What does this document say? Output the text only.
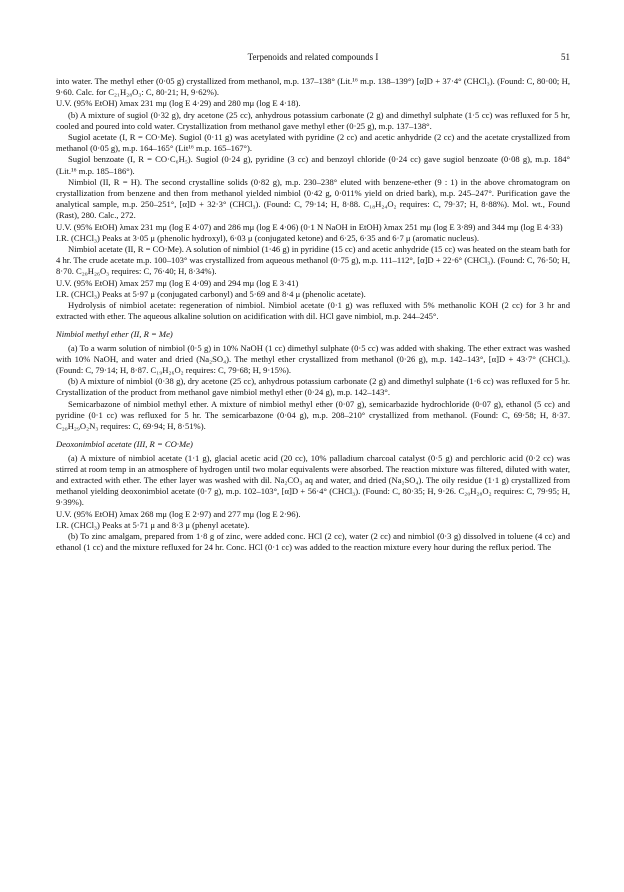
Terpenoids and related compounds I	51

into water. The methyl ether (0·05 g) crystallized from methanol, m.p. 137–138° (Lit.¹⁶ m.p. 138–139°) [α]D + 37·4° (CHCl₃). (Found: C, 80·00; H, 9·60. Calc. for C₂₁H₂₈O₃: C, 80·21; H, 9·62%).

U.V. (95% EtOH) λmax 231 mμ (log E 4·29) and 280 mμ (log E 4·18).

(b) A mixture of sugiol (0·32 g), dry acetone (25 cc), anhydrous potassium carbonate (2 g) and dimethyl sulphate (1·5 cc) was refluxed for 5 hr, cooled and poured into cold water. Crystallization from methanol gave methyl ether (0·25 g), m.p. 137–138°.

Sugiol acetate (I, R = CO·Me). Sugiol (0·11 g) was acetylated with pyridine (2 cc) and acetic anhydride (2 cc) and the acetate crystallized from methanol (0·05 g), m.p. 164–165° (Lit¹⁶ m.p. 165–167°).

Sugiol benzoate (I, R = CO·C₆H₅). Sugiol (0·24 g), pyridine (3 cc) and benzoyl chloride (0·24 cc) gave sugiol benzoate (0·08 g), m.p. 184° (Lit.¹⁶ m.p. 185–186°).

Nimbiol (II, R = H). The second crystalline solids (0·82 g), m.p. 230–238° eluted with benzene-ether (9 : 1) in the above chromatogram on crystallization from benzene and then from methanol yielded nimbiol (0·42 g, 0·011% yield on dried bark), m.p. 245–247°. Purification gave the analytical sample, m.p. 250–251°, [α]D + 32·3° (CHCl₃). (Found: C, 79·14; H, 8·88. C₁₈H₂₄O₂ requires: C, 79·37; H, 8·88%). Mol. wt., Found (Rast), 280. Calc., 272.

U.V. (95% EtOH) λmax 231 mμ (log E 4·07) and 286 mμ (log E 4·06) (0·1 N NaOH in EtOH) λmax 251 mμ (log E 3·89) and 344 mμ (log E 4·33)

I.R. (CHCl₃) Peaks at 3·05 μ (phenolic hydroxyl), 6·03 μ (conjugated ketone) and 6·25, 6·35 and 6·7 μ (aromatic nucleus).

Nimbiol acetate (II, R = CO·Me). A solution of nimbiol (1·46 g) in pyridine (15 cc) and acetic anhydride (15 cc) was heated on the steam bath for 4 hr. The crude acetate m.p. 100–103° was crystallized from aqueous methanol (0·75 g), m.p. 111–112°, [α]D + 22·6° (CHCl₃). (Found: C, 76·50; H, 8·70. C₂₀H₂₆O₃ requires: C, 76·40; H, 8·34%).

U.V. (95% EtOH) λmax 257 mμ (log E 4·09) and 294 mμ (log E 3·41)

I.R. (CHCl₃) Peaks at 5·97 μ (conjugated carbonyl) and 5·69 and 8·4 μ (phenolic acetate).

Hydrolysis of nimbiol acetate: regeneration of nimbiol. Nimbiol acetate (0·1 g) was refluxed with 5% methanolic KOH (2 cc) for 3 hr and extracted with ether. The aqueous alkaline solution on acidification with dil. HCl gave nimbiol, m.p. 244–245°.

Nimbiol methyl ether (II, R = Me)

(a) To a warm solution of nimbiol (0·5 g) in 10% NaOH (1 cc) dimethyl sulphate (0·5 cc) was added with shaking. The ether extract was washed with 10% NaOH, and water and dried (Na₂SO₄). The methyl ether crystallized from methanol (0·26 g), m.p. 142–143°, [α]D + 43·7° (CHCl₃). (Found: C, 79·14; H, 8·87. C₁₉H₂₆O₂ requires: C, 79·68; H, 9·15%).

(b) A mixture of nimbiol (0·38 g), dry acetone (25 cc), anhydrous potassium carbonate (2 g) and dimethyl sulphate (1·6 cc) was refluxed for 5 hr. Crystallization of the product from methanol gave nimbiol methyl ether (0·24 g), m.p. 142–143°.

Semicarbazone of nimbiol methyl ether. A mixture of nimbiol methyl ether (0·07 g), semicarbazide hydrochloride (0·07 g), ethanol (5 cc) and pyridine (0·1 cc) was refluxed for 5 hr. The semicarbazone (0·04 g), m.p. 208–210° crystallized from methanol. (Found: C, 69·58; H, 8·37. C₂₀H₂₉O₂N₃ requires: C, 69·94; H, 8·51%).

Deoxonimbiol acetate (III, R = CO·Me)

(a) A mixture of nimbiol acetate (1·1 g), glacial acetic acid (20 cc), 10% palladium charcoal catalyst (0·5 g) and perchloric acid (0·2 cc) was stirred at room temp in an atmosphere of hydrogen until two molar equivalents were absorbed. The reaction mixture was filtered, diluted with water, and extracted with ether. The ether layer was washed with dil. Na₂CO₃ aq and water, and dried (Na₂SO₄). The oily residue (1·1 g) crystallized from methanol yielding deoxonimbiol acetate (0·7 g), m.p. 102–103°, [α]D + 56·4° (CHCl₃). (Found: C, 80·35; H, 9·26. C₂₀H₂₈O₂ requires: C, 79·95; H, 9·39%).

U.V. (95% EtOH) λmax 268 mμ (log E 2·97) and 277 mμ (log E 2·96).

I.R. (CHCl₃) Peaks at 5·71 μ and 8·3 μ (phenyl acetate).

(b) To zinc amalgam, prepared from 1·8 g of zinc, were added conc. HCl (2 cc), water (2 cc) and nimbiol (0·3 g) dissolved in toluene (4 cc) and ethanol (1 cc) and the mixture refluxed for 24 hr. Conc. HCl (0·1 cc) was added to the reaction mixture every hour during the reflux period. The
